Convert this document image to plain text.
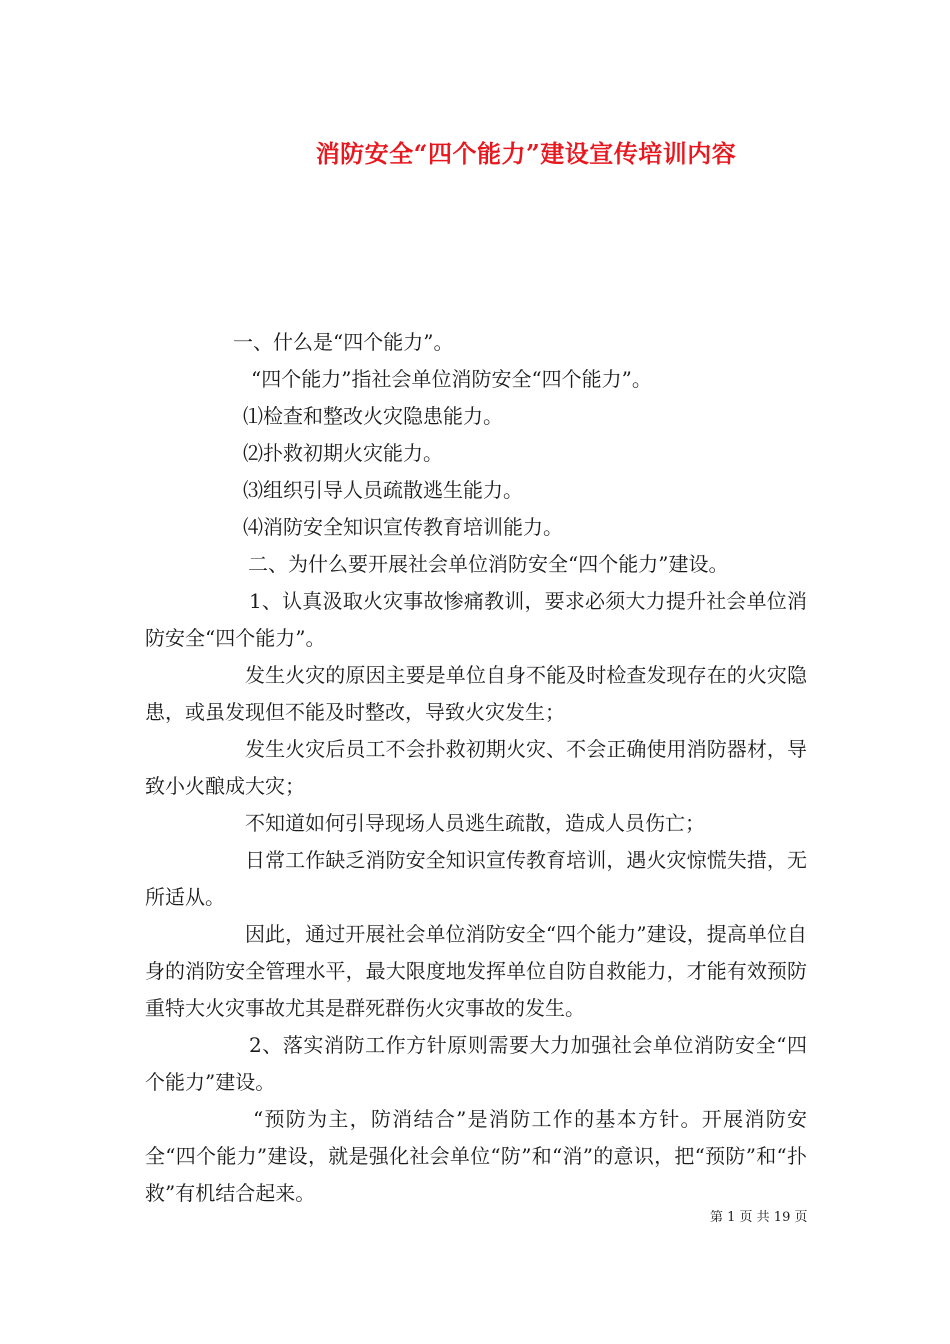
消防安全“四个能力”建设宣传培训内容

一、什么是“四个能力”。

“四个能力”指社会单位消防安全“四个能力”。

⑴检查和整改火灾隐患能力。

⑵扑救初期火灾能力。

⑶组织引导人员疏散逃生能力。

⑷消防安全知识宣传教育培训能力。

二、为什么要开展社会单位消防安全“四个能力”建设。

1、认真汲取火灾事故惨痛教训，要求必须大力提升社会单位消防安全“四个能力”。

发生火灾的原因主要是单位自身不能及时检查发现存在的火灾隐患，或虽发现但不能及时整改，导致火灾发生；

发生火灾后员工不会扑救初期火灾、不会正确使用消防器材，导致小火酿成大灾；

不知道如何引导现场人员逃生疏散，造成人员伤亡；

日常工作缺乏消防安全知识宣传教育培训，遇火灾惊慌失措，无所适从。

因此，通过开展社会单位消防安全“四个能力”建设，提高单位自身的消防安全管理水平，最大限度地发挥单位自防自救能力，才能有效预防重特大火灾事故尤其是群死群伤火灾事故的发生。

2、落实消防工作方针原则需要大力加强社会单位消防安全“四个能力”建设。

“预防为主，防消结合”是消防工作的基本方针。开展消防安全“四个能力”建设，就是强化社会单位“防”和“消”的意识，把“预防”和“扑救”有机结合起来。

第 1 页 共 19 页
